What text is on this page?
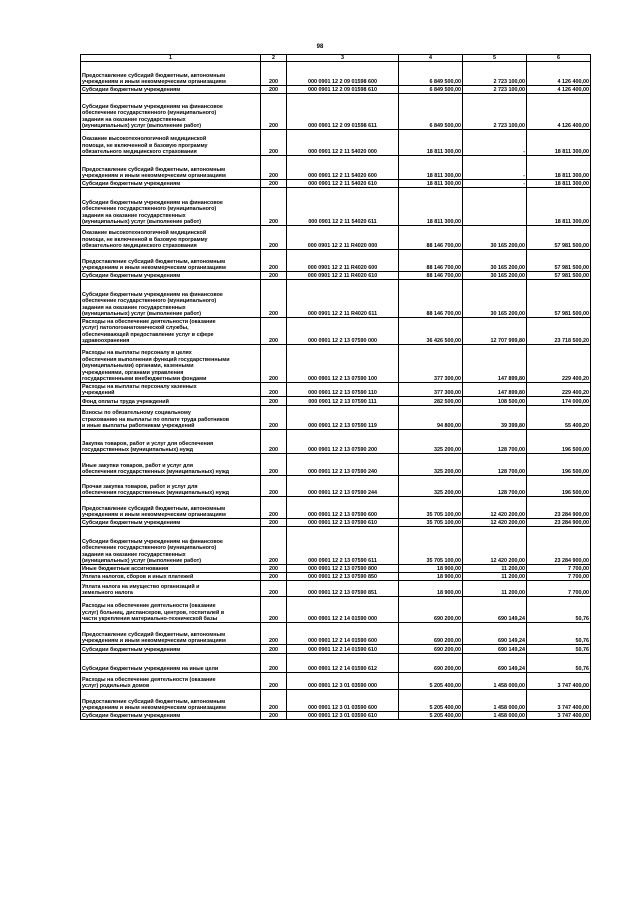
98
1	2	3	4	5	6
Предоставление субсидий бюджетным, автономным
учреждениям и иным некоммерческим организациям	200	000 0901 12 2 09 01598 600	6 849 500,00	2 723 100,00	4 126 400,00
Субсидии бюджетным учреждениям	200	000 0901 12 2 09 01598 610	6 849 500,00	2 723 100,00	4 126 400,00
Субсидии бюджетным учреждениям на финансовое
обеспечение государственного (муниципального)
задания на оказание государственных
(муниципальных) услуг (выполнение работ)	200	000 0901 12 2 09 01598 611	6 849 500,00	2 723 100,00	4 126 400,00
Оказание высокотехнологичной медицинской
помощи, не включенной в базовую программу
обязательного медицинского страхования	200	000 0901 12 2 11 54020 000	18 811 300,00	-	18 811 300,00
Предоставление субсидий бюджетным, автономным
учреждениям и иным некоммерческим организациям	200	000 0901 12 2 11 54020 600	18 811 300,00	-	18 811 300,00
Субсидии бюджетным учреждениям	200	000 0901 12 2 11 54020 610	18 811 300,00	-	18 811 300,00
Субсидии бюджетным учреждениям на финансовое
обеспечение государственного (муниципального)
задания на оказание государственных
(муниципальных) услуг (выполнение работ)	200	000 0901 12 2 11 54020 611	18 811 300,00		18 811 300,00
Оказание высокотехнологичной медицинской
помощи, не включенной в базовую программу
обязательного медицинского страхования	200	000 0901 12 2 11 R4020 000	88 146 700,00	30 165 200,00	57 981 500,00
Предоставление субсидий бюджетным, автономным
учреждениям и иным некоммерческим организациям	200	000 0901 12 2 11 R4020 600	88 146 700,00	30 165 200,00	57 981 500,00
Субсидии бюджетным учреждениям	200	000 0901 12 2 11 R4020 610	88 146 700,00	30 165 200,00	57 981 500,00
Субсидии бюджетным учреждениям на финансовое
обеспечение государственного (муниципального)
задания на оказание государственных
(муниципальных) услуг (выполнение работ)	200	000 0901 12 2 11 R4020 611	88 146 700,00	30 165 200,00	57 981 500,00
Расходы на обеспечение деятельности (оказание
услуг) патологоанатомической службы,
обеспечивающей предоставление услуг в сфере
здравоохранения	200	000 0901 12 2 13 07590 000	36 426 500,00	12 707 999,80	23 718 500,20
Расходы на выплаты персоналу в целях
обеспечения выполнения функций государственными
(муниципальными) органами, казенными
учреждениями, органами управления
государственными внебюджетными фондами	200	000 0901 12 2 13 07590 100	377 300,00	147 899,80	229 400,20
Расходы на выплаты персоналу казенных
учреждений	200	000 0901 12 2 13 07590 110	377 300,00	147 899,80	229 400,20
Фонд оплаты труда учреждений	200	000 0901 12 2 13 07590 111	282 500,00	108 500,00	174 000,00
Взносы по обязательному социальному
страхованию на выплаты по оплате труда работников
и иные выплаты работникам учреждений	200	000 0901 12 2 13 07590 119	94 800,00	39 399,80	55 400,20
Закупка товаров, работ и услуг для обеспечения
государственных (муниципальных) нужд	200	000 0901 12 2 13 07590 200	325 200,00	128 700,00	196 500,00
Иные закупки товаров, работ и услуг для
обеспечения государственных (муниципальных) нужд	200	000 0901 12 2 13 07590 240	325 200,00	128 700,00	196 500,00
Прочая закупка товаров, работ и услуг для
обеспечения государственных (муниципальных) нужд	200	000 0901 12 2 13 07590 244	325 200,00	128 700,00	196 500,00
Предоставление субсидий бюджетным, автономным
учреждениям и иным некоммерческим организациям	200	000 0901 12 2 13 07590 600	35 705 100,00	12 420 200,00	23 284 900,00
Субсидии бюджетным учреждениям	200	000 0901 12 2 13 07590 610	35 705 100,00	12 420 200,00	23 284 900,00
Субсидии бюджетным учреждениям на финансовое
обеспечение государственного (муниципального)
задания на оказание государственных
(муниципальных) услуг (выполнение работ)	200	000 0901 12 2 13 07590 611	35 705 100,00	12 420 200,00	23 284 900,00
Иные бюджетные ассигнования	200	000 0901 12 2 13 07590 800	18 900,00	11 200,00	7 700,00
Уплата налогов, сборов и иных платежей	200	000 0901 12 2 13 07590 850	18 900,00	11 200,00	7 700,00
Уплата налога на имущество организаций и
земельного налога	200	000 0901 12 2 13 07590 851	18 900,00	11 200,00	7 700,00
Расходы на обеспечение деятельности (оказание
услуг) больниц, диспансеров, центров, госпиталей в
части укрепления материально-технической базы	200	000 0901 12 2 14 01590 000	690 200,00	690 149,24	50,76
Предоставление субсидий бюджетным, автономным
учреждениям и иным некоммерческим организациям	200	000 0901 12 2 14 01590 600	690 200,00	690 149,24	50,76
Субсидии бюджетным учреждениям	200	000 0901 12 2 14 01590 610	690 200,00	690 149,24	50,76
Субсидии бюджетным учреждениям на иные цели	200	000 0901 12 2 14 01590 612	690 200,00	690 149,24	50,76
Расходы на обеспечение деятельности (оказание
услуг) родильных домов	200	000 0901 12 3 01 03590 000	5 205 400,00	1 458 000,00	3 747 400,00
Предоставление субсидий бюджетным, автономным
учреждениям и иным некоммерческим организациям	200	000 0901 12 3 01 03590 600	5 205 400,00	1 458 000,00	3 747 400,00
Субсидии бюджетным учреждениям	200	000 0901 12 3 01 03590 610	5 205 400,00	1 458 000,00	3 747 400,00
